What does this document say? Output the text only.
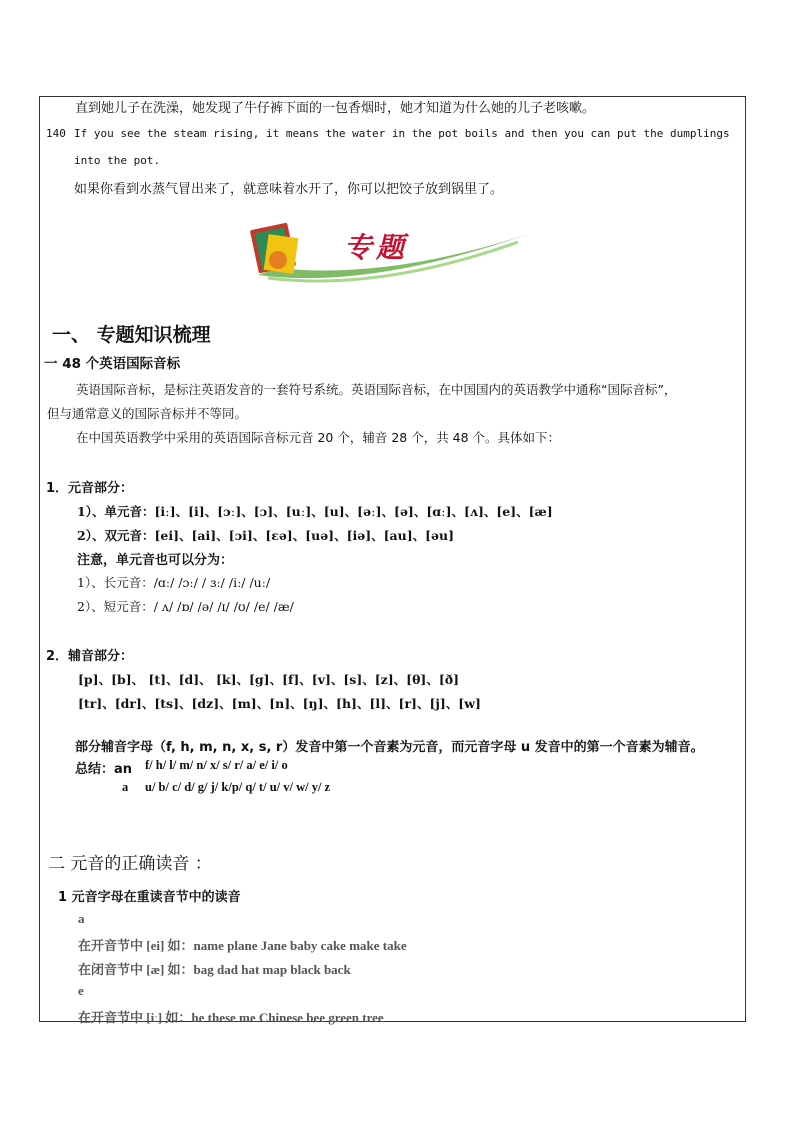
直到她儿子在洗澡，她发现了牛仔裤下面的一包香烟时，她才知道为什么她的儿子老咳嗽。
140 If you see the steam rising, it means the water in the pot boils and then you can put the dumplings
into the pot.
如果你看到水蒸气冒出来了，就意味着水开了，你可以把饺子放到锅里了。
专题
一、 专题知识梳理
一 48 个英语国际音标
英语国际音标，是标注英语发音的一套符号系统。英语国际音标，在中国国内的英语教学中通称“国际音标”，
但与通常意义的国际音标并不等同。
在中国英语教学中采用的英语国际音标元音 20 个，辅音 28 个，共 48 个。具体如下：
1．元音部分：
1）、单元音：[iː]、[i]、[ɔː]、[ɔ]、[uː]、[u]、[əː]、[ə]、[ɑː]、[ʌ]、[e]、[æ]
2）、双元音：[ei]、[ai]、[ɔi]、[ɛə]、[uə]、[iə]、[au]、[əu]
注意，单元音也可以分为：
1）、长元音：/ɑː/ /ɔː/ / ɜː/ /iː/ /uː/
2）、短元音：/ ʌ/ /ɒ/ /ə/ /ɪ/ /ʊ/ /e/ /æ/
2．辅音部分：
[p]、[b]、 [t]、[d]、 [k]、[g]、[f]、[v]、[s]、[z]、[θ]、[ð]
[tr]、[dr]、[ts]、[dz]、[m]、[n]、[ŋ]、[h]、[l]、[r]、[j]、[w]
部分辅音字母（f, h, m, n, x, s, r）发音中第一个音素为元音，而元音字母 u 发音中的第一个音素为辅音。
总结：an f/ h/ l/ m/ n/ x/ s/ r/ a/ e/ i/ o
a u/ b/ c/ d/ g/ j/ k/p/ q/ t/ u/ v/ w/ y/ z
二 元音的正确读音 ：
1 元音字母在重读音节中的读音
a
在开音节中 [ei] 如：name plane Jane baby cake make take
在闭音节中 [æ] 如：bag dad hat map black back
e
在开音节中 [iː] 如：he these me Chinese bee green tree
